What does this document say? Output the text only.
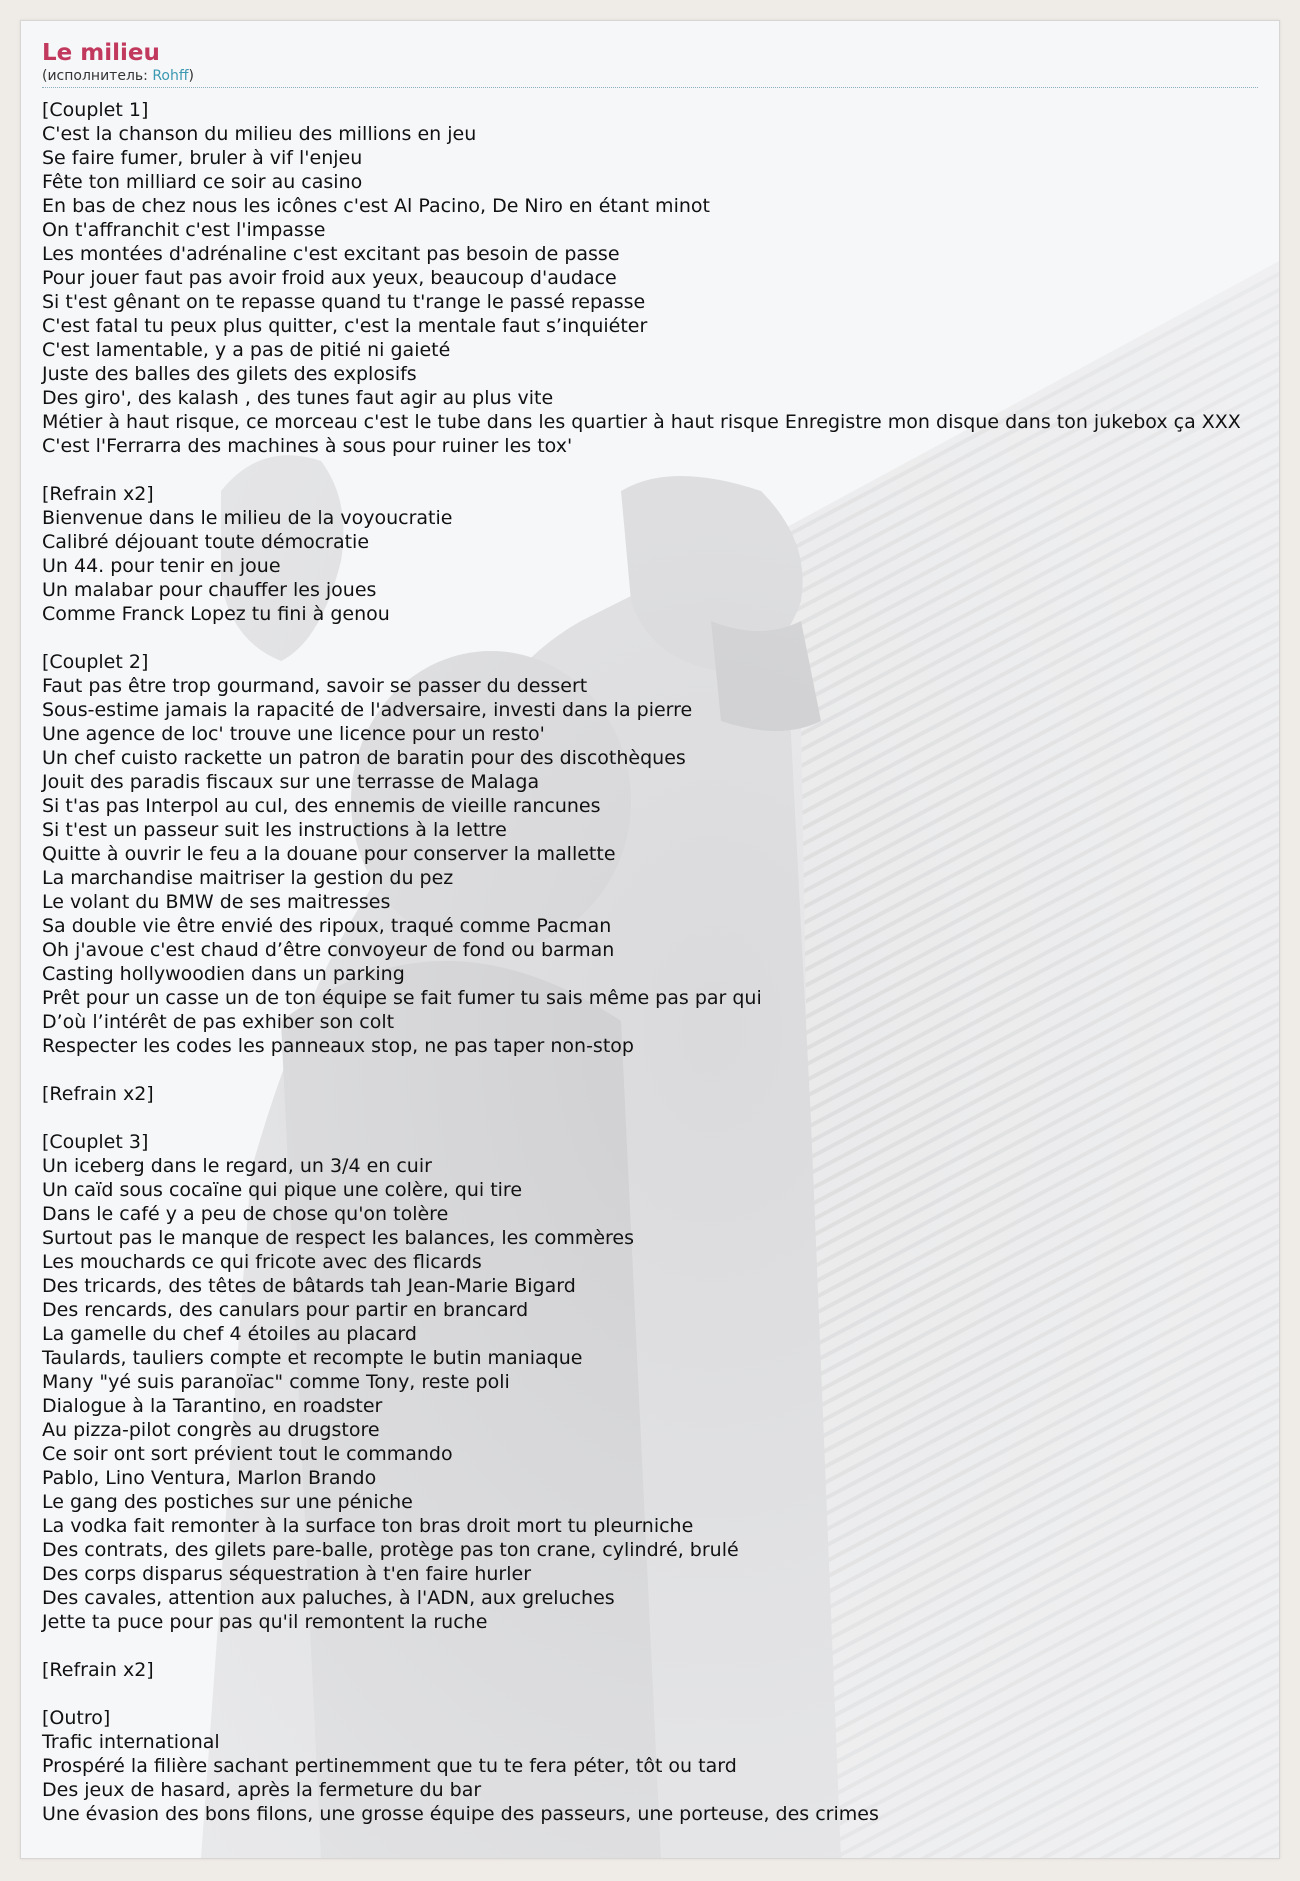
Le milieu
(исполнитель: Rohff)
[Couplet 1]
C'est la chanson du milieu des millions en jeu
Se faire fumer, bruler à vif l'enjeu
Fête ton milliard ce soir au casino
En bas de chez nous les icônes c'est Al Pacino, De Niro en étant minot
On t'affranchit c'est l'impasse
Les montées d'adrénaline c'est excitant pas besoin de passe
Pour jouer faut pas avoir froid aux yeux, beaucoup d'audace
Si t'est gênant on te repasse quand tu t'range le passé repasse
C'est fatal tu peux plus quitter, c'est la mentale faut s’inquiéter
C'est lamentable, y a pas de pitié ni gaieté
Juste des balles des gilets des explosifs
Des giro', des kalash , des tunes faut agir au plus vite
Métier à haut risque, ce morceau c'est le tube dans les quartier à haut risque Enregistre mon disque dans ton jukebox ça XXX
C'est l'Ferrarra des machines à sous pour ruiner les tox'
[Refrain x2]
Bienvenue dans le milieu de la voyoucratie
Calibré déjouant toute démocratie
Un 44. pour tenir en joue
Un malabar pour chauffer les joues
Comme Franck Lopez tu fini à genou
[Couplet 2]
Faut pas être trop gourmand, savoir se passer du dessert
Sous-estime jamais la rapacité de l'adversaire, investi dans la pierre
Une agence de loc' trouve une licence pour un resto'
Un chef cuisto rackette un patron de baratin pour des discothèques
Jouit des paradis fiscaux sur une terrasse de Malaga
Si t'as pas Interpol au cul, des ennemis de vieille rancunes
Si t'est un passeur suit les instructions à la lettre
Quitte à ouvrir le feu a la douane pour conserver la mallette
La marchandise maitriser la gestion du pez
Le volant du BMW de ses maitresses
Sa double vie être envié des ripoux, traqué comme Pacman
Oh j'avoue c'est chaud d’être convoyeur de fond ou barman
Casting hollywoodien dans un parking
Prêt pour un casse un de ton équipe se fait fumer tu sais même pas par qui
D’où l’intérêt de pas exhiber son colt
Respecter les codes les panneaux stop, ne pas taper non-stop
[Refrain x2]
[Couplet 3]
Un iceberg dans le regard, un 3/4 en cuir
Un caïd sous cocaïne qui pique une colère, qui tire
Dans le café y a peu de chose qu'on tolère
Surtout pas le manque de respect les balances, les commères
Les mouchards ce qui fricote avec des flicards
Des tricards, des têtes de bâtards tah Jean-Marie Bigard
Des rencards, des canulars pour partir en brancard
La gamelle du chef 4 étoiles au placard
Taulards, tauliers compte et recompte le butin maniaque
Many "yé suis paranoïac" comme Tony, reste poli
Dialogue à la Tarantino, en roadster
Au pizza-pilot congrès au drugstore
Ce soir ont sort prévient tout le commando
Pablo, Lino Ventura, Marlon Brando
Le gang des postiches sur une péniche
La vodka fait remonter à la surface ton bras droit mort tu pleurniche
Des contrats, des gilets pare-balle, protège pas ton crane, cylindré, brulé
Des corps disparus séquestration à t'en faire hurler
Des cavales, attention aux paluches, à l'ADN, aux greluches
Jette ta puce pour pas qu'il remontent la ruche
[Refrain x2]
[Outro]
Trafic international
Prospéré la filière sachant pertinemment que tu te fera péter, tôt ou tard
Des jeux de hasard, après la fermeture du bar
Une évasion des bons filons, une grosse équipe des passeurs, une porteuse, des crimes
